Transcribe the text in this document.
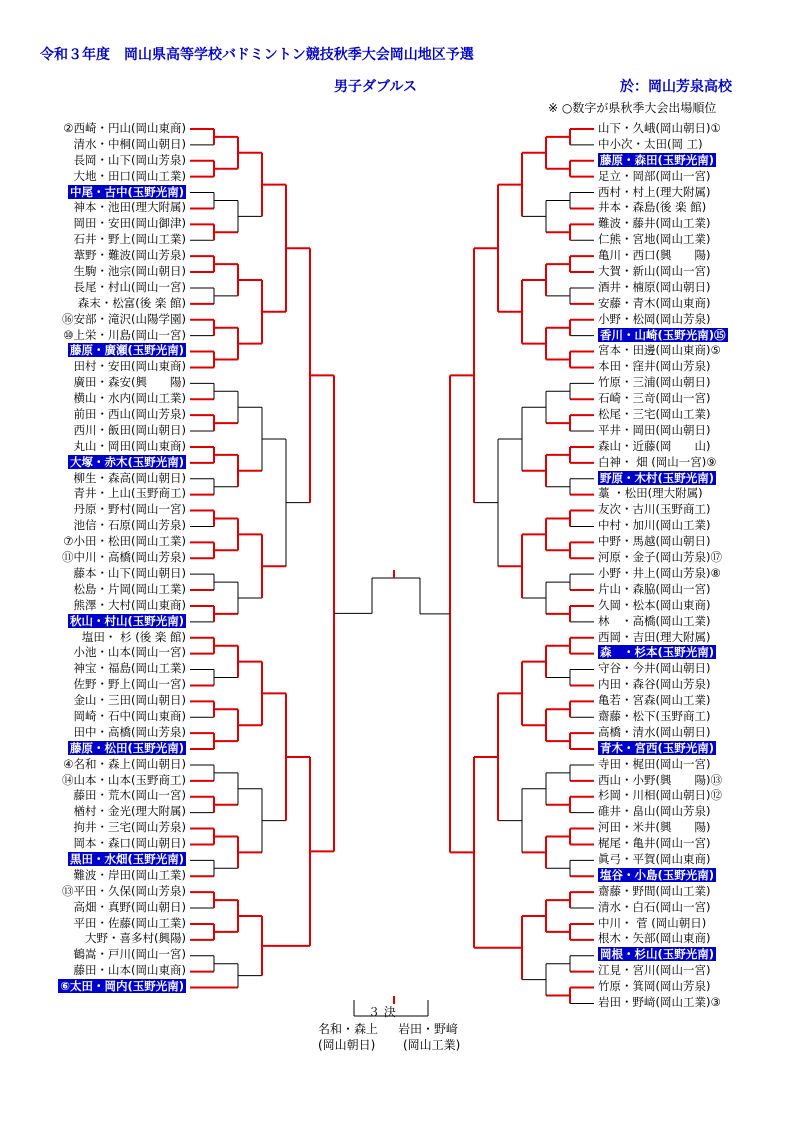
令和３年度　岡山県高等学校バドミントン競技秋季大会岡山地区予選
男子ダブルス	於：岡山芳泉高校
※ ○数字が県秋季大会出場順位
②西崎・円山(岡山東商)
清水・中桐(岡山朝日)
長岡・山下(岡山芳泉)
大地・田口(岡山工業)
中尾・古中(玉野光南)
神本・池田(理大附属)
岡田・安田(岡山御津)
石井・野上(岡山工業)
葦野・難波(岡山芳泉)
生駒・池宗(岡山朝日)
長尾・村山(岡山一宮)
森末・松富(後 楽 館)
⑯安部・滝沢(山陽学園)
⑩上栄・川島(岡山一宮)
藤原・廣瀬(玉野光南)
田村・安田(岡山東商)
廣田・森安(興　　陽)
横山・水内(岡山工業)
前田・西山(岡山芳泉)
西川・飯田(岡山朝日)
丸山・岡田(岡山東商)
大塚・赤木(玉野光南)
柳生・森高(岡山朝日)
青井・上山(玉野商工)
丹原・野村(岡山一宮)
池信・石原(岡山芳泉)
⑦小田・松田(岡山工業)
⑪中川・高橋(岡山芳泉)
藤本・山下(岡山朝日)
松島・片岡(岡山工業)
熊澤・大村(岡山東商)
秋山・村山(玉野光南)
塩田・ 杉 (後 楽 館)
小池・山本(岡山一宮)
神宝・福島(岡山工業)
佐野・野上(岡山一宮)
金山・三田(岡山朝日)
岡崎・石中(岡山東商)
田中・高橋(岡山芳泉)
藤原・松田(玉野光南)
④名和・森上(岡山朝日)
⑭山本・山本(玉野商工)
藤田・荒木(岡山一宮)
楢村・金光(理大附属)
拘井・三宅(岡山芳泉)
岡本・森口(岡山朝日)
黒田・水畑(玉野光南)
難波・岸田(岡山工業)
⑬平田・久保(岡山芳泉)
高畑・真野(岡山朝日)
平田・佐藤(岡山工業)
大野・喜多村(興陽)
鶴嵩・戸川(岡山一宮)
藤田・山本(岡山東商)
⑥太田・岡内(玉野光南)
山下・久峨(岡山朝日)①
中小次・太田(岡 工)
藤原・森田(玉野光南)
足立・岡部(岡山一宮)
西村・村上(理大附属)
井本・森島(後 楽 館)
難波・藤井(岡山工業)
仁熊・宮地(岡山工業)
亀川・西口(興　　陽)
大賀・新山(岡山一宮)
酒井・楠原(岡山朝日)
安藤・青木(岡山東商)
小野・松岡(岡山芳泉)
香川・山崎(玉野光南)⑮
宮本・田邊(岡山東商)⑤
本田・窪井(岡山芳泉)
竹原・三浦(岡山朝日)
石崎・三竒(岡山一宮)
松尾・三宅(岡山工業)
平井・岡田(岡山朝日)
森山・近藤(岡　　山)
白神・ 畑 (岡山一宮)⑨
野原・木村(玉野光南)
藁 ・松田(理大附属)
友次・古川(玉野商工)
中村・加川(岡山工業)
中野・馬越(岡山朝日)
河原・金子(岡山芳泉)⑰
小野・井上(岡山芳泉)⑧
片山・森脇(岡山一宮)
久岡・松本(岡山東商)
林　・高橋(岡山工業)
西岡・吉田(理大附属)
森　・杉本(玉野光南)
守谷・今井(岡山朝日)
内田・森谷(岡山芳泉)
亀若・宮森(岡山工業)
齋藤・松下(玉野商工)
高橋・清水(岡山朝日)
青木・宮西(玉野光南)
寺田・梶田(岡山一宮)
西山・小野(興　　陽)⑬
杉岡・川相(岡山朝日)⑫
碓井・畠山(岡山芳泉)
河田・米井(興　　陽)
梶尾・亀井(岡山一宮)
眞弓・平賀(岡山東商)
塩谷・小島(玉野光南)
齋藤・野間(岡山工業)
清水・白石(岡山一宮)
中川・ 菅 (岡山朝日)
根木・矢部(岡山東商)
岡根・杉山(玉野光南)
江見・宮川(岡山一宮)
竹原・箕岡(岡山芳泉)
岩田・野﨑(岡山工業)③
３ 決
名和・森上 岩田・野﨑
(岡山朝日) (岡山工業)
